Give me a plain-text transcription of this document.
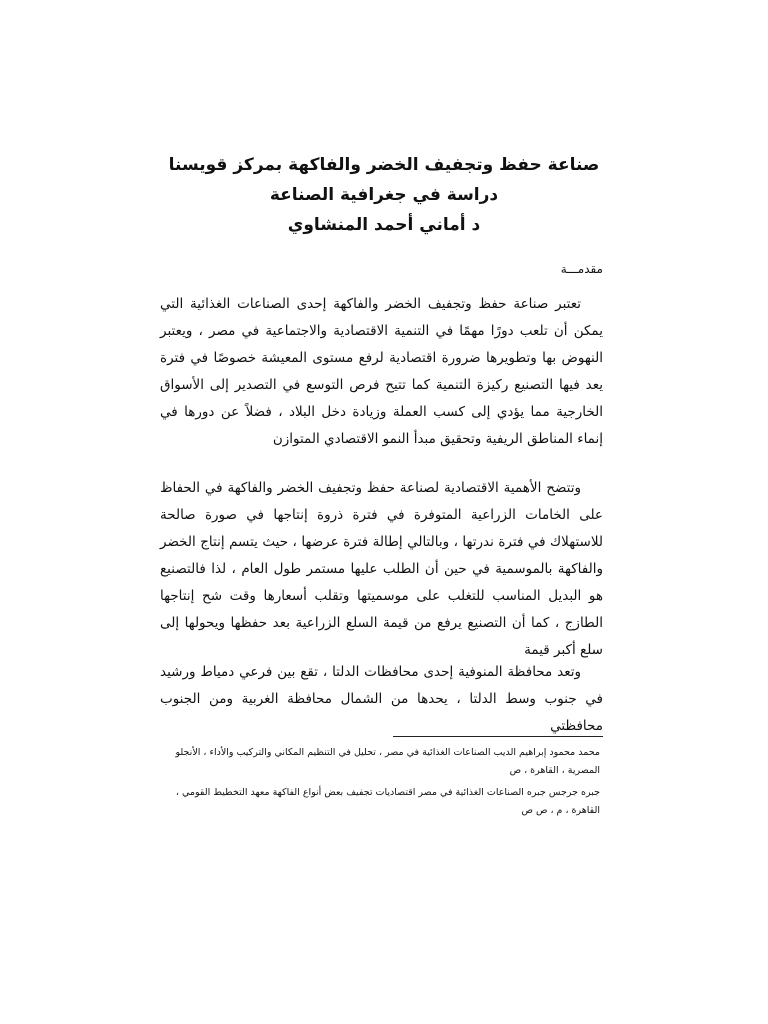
صناعة حفظ وتجفيف الخضر والفاكهة بمركز قويسنا

دراسة في جغرافية الصناعة

د أماني أحمد المنشاوي

مقدمـــة

تعتبر صناعة حفظ وتجفيف الخضر والفاكهة إحدى الصناعات الغذائية التي يمكن أن تلعب دورًا مهمًا في التنمية الاقتصادية والاجتماعية في مصر ، ويعتبر النهوض بها وتطويرها ضرورة اقتصادية لرفع مستوى المعيشة خصوصًا في فترة يعد فيها التصنيع ركيزة التنمية كما تتيح فرص التوسع في التصدير إلى الأسواق الخارجية مما يؤدي إلى كسب العملة وزيادة دخل البلاد ، فضلاً عن دورها في إنماء المناطق الريفية وتحقيق مبدأ النمو الاقتصادي المتوازن

وتتضح الأهمية الاقتصادية لصناعة حفظ وتجفيف الخضر والفاكهة في الحفاظ على الخامات الزراعية المتوفرة في فترة ذروة إنتاجها في صورة صالحة للاستهلاك في فترة ندرتها ، وبالتالي إطالة فترة عرضها ، حيث يتسم إنتاج الخضر والفاكهة بالموسمية في حين أن الطلب عليها مستمر طول العام ، لذا فالتصنيع هو البديل المناسب للتغلب على موسميتها وتقلب أسعارها وقت شح إنتاجها الطازج ، كما أن التصنيع يرفع من قيمة السلع الزراعية بعد حفظها ويحولها إلى سلع أكبر قيمة

وتعد محافظة المنوفية إحدى محافظات الدلتا ، تقع بين فرعي دمياط ورشيد في جنوب وسط الدلتا ، يحدها من الشمال محافظة الغربية ومن الجنوب محافظتي

محمد محمود إبراهيم الديب الصناعات الغذائية في مصر ، تحليل في التنظيم المكاني والتركيب والأداء ، الأنجلو المصرية ، القاهرة ، ص

جبره جرجس جبره الصناعات الغذائية في مصر اقتصاديات تجفيف بعض أنواع الفاكهة معهد التخطيط القومي ، القاهرة ، م ، ص ص
